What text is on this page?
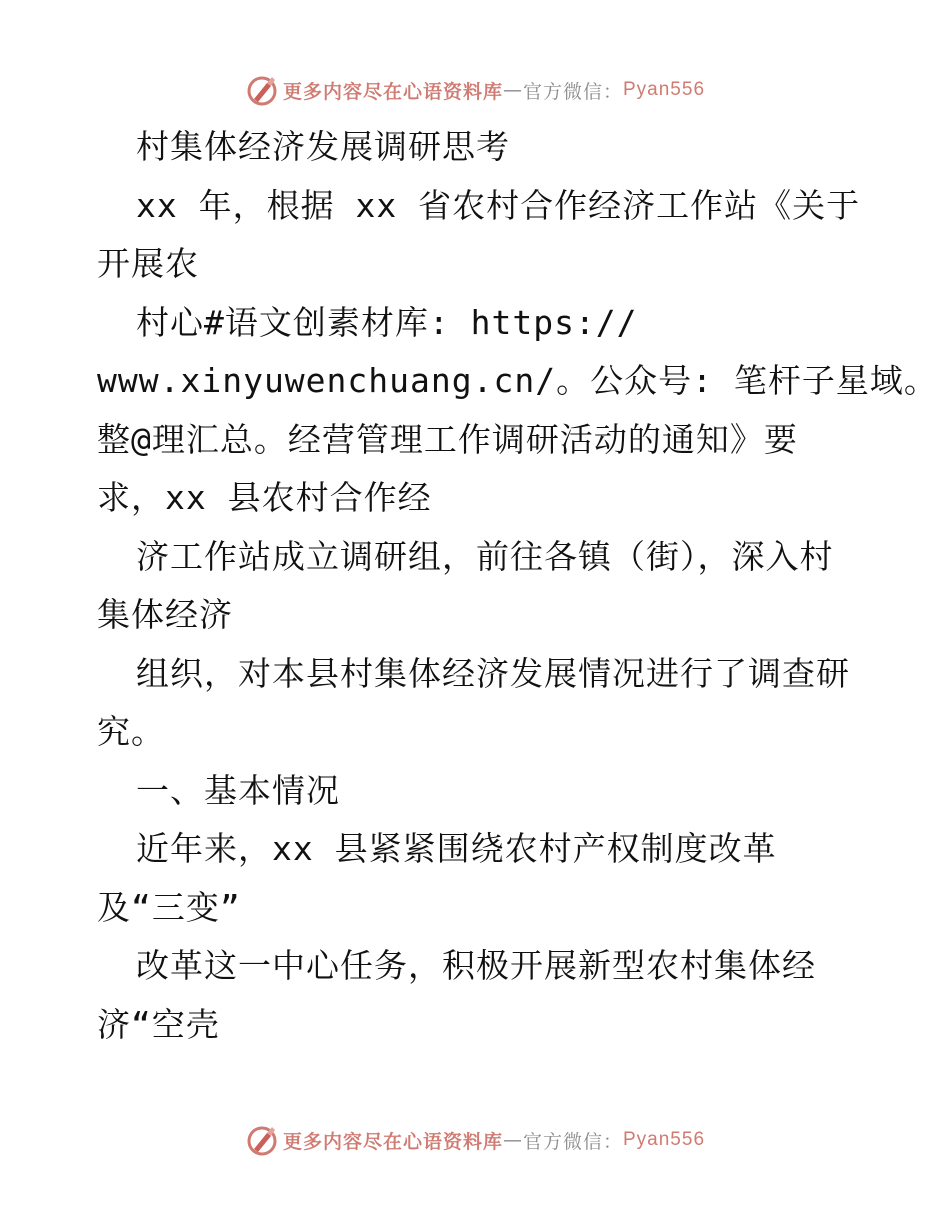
更多内容尽在心语资料库 — 官方微信： Pyan556
村集体经济发展调研思考
xx 年，根据 xx 省农村合作经济工作站《关于
开展农
村心#语文创素材库: https://
www.xinyuwenchuang.cn/。公众号: 笔杆子星域。
整@理汇总。经营管理工作调研活动的通知》要
求，xx 县农村合作经
济工作站成立调研组，前往各镇（街），深入村
集体经济
组织，对本县村集体经济发展情况进行了调查研
究。
一、基本情况
近年来，xx 县紧紧围绕农村产权制度改革
及“三变”
改革这一中心任务，积极开展新型农村集体经
济“空壳
更多内容尽在心语资料库 — 官方微信： Pyan556
